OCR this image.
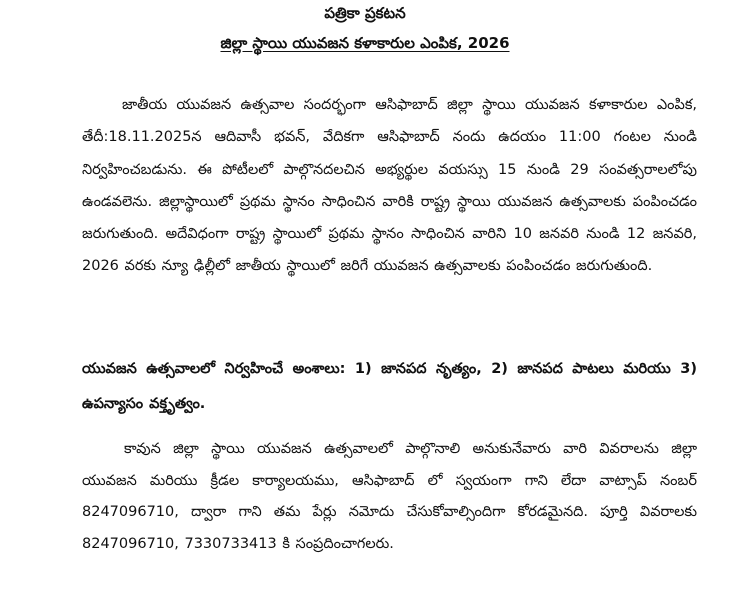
పత్రికా ప్రకటన
జిల్లా స్థాయి యువజన కళాకారుల ఎంపిక, 2026

జాతీయ యువజన ఉత్సవాల సందర్భంగా ఆసిఫాబాద్ జిల్లా స్థాయి యువజన కళాకారుల ఎంపిక, తేదీ:18.11.2025న ఆదివాసీ భవన్, వేదికగా ఆసిఫాబాద్ నందు ఉదయం 11:00 గంటల నుండి నిర్వహించబడును. ఈ పోటీలలో పాల్గొనదలచిన అభ్యర్థుల వయస్సు 15 నుండి 29 సంవత్సరాలలోపు ఉండవలెను. జిల్లాస్థాయిలో ప్రథమ స్థానం సాధించిన వారికి రాష్ట్ర స్థాయి యువజన ఉత్సవాలకు పంపించడం జరుగుతుంది. అదేవిధంగా రాష్ట్ర స్థాయిలో ప్రథమ స్థానం సాధించిన వారిని 10 జనవరి నుండి 12 జనవరి, 2026 వరకు న్యూ ఢిల్లీలో జాతీయ స్థాయిలో జరిగే యువజన ఉత్సవాలకు పంపించడం జరుగుతుంది.

యువజన ఉత్సవాలలో నిర్వహించే అంశాలు: 1) జానపద నృత్యం, 2) జానపద పాటలు మరియు 3) ఉపన్యాసం వక్తృత్వం.

కావున జిల్లా స్థాయి యువజన ఉత్సవాలలో పాల్గొనాలి అనుకునేవారు వారి వివరాలను జిల్లా యువజన మరియు క్రీడల కార్యాలయము, ఆసిఫాబాద్ లో స్వయంగా గాని లేదా వాట్సాప్ నంబర్ 8247096710, ద్వారా గాని తమ పేర్లు నమోదు చేసుకోవాల్సిందిగా కోరడమైనది. పూర్తి వివరాలకు 8247096710, 7330733413 కి సంప్రదించాగలరు.
